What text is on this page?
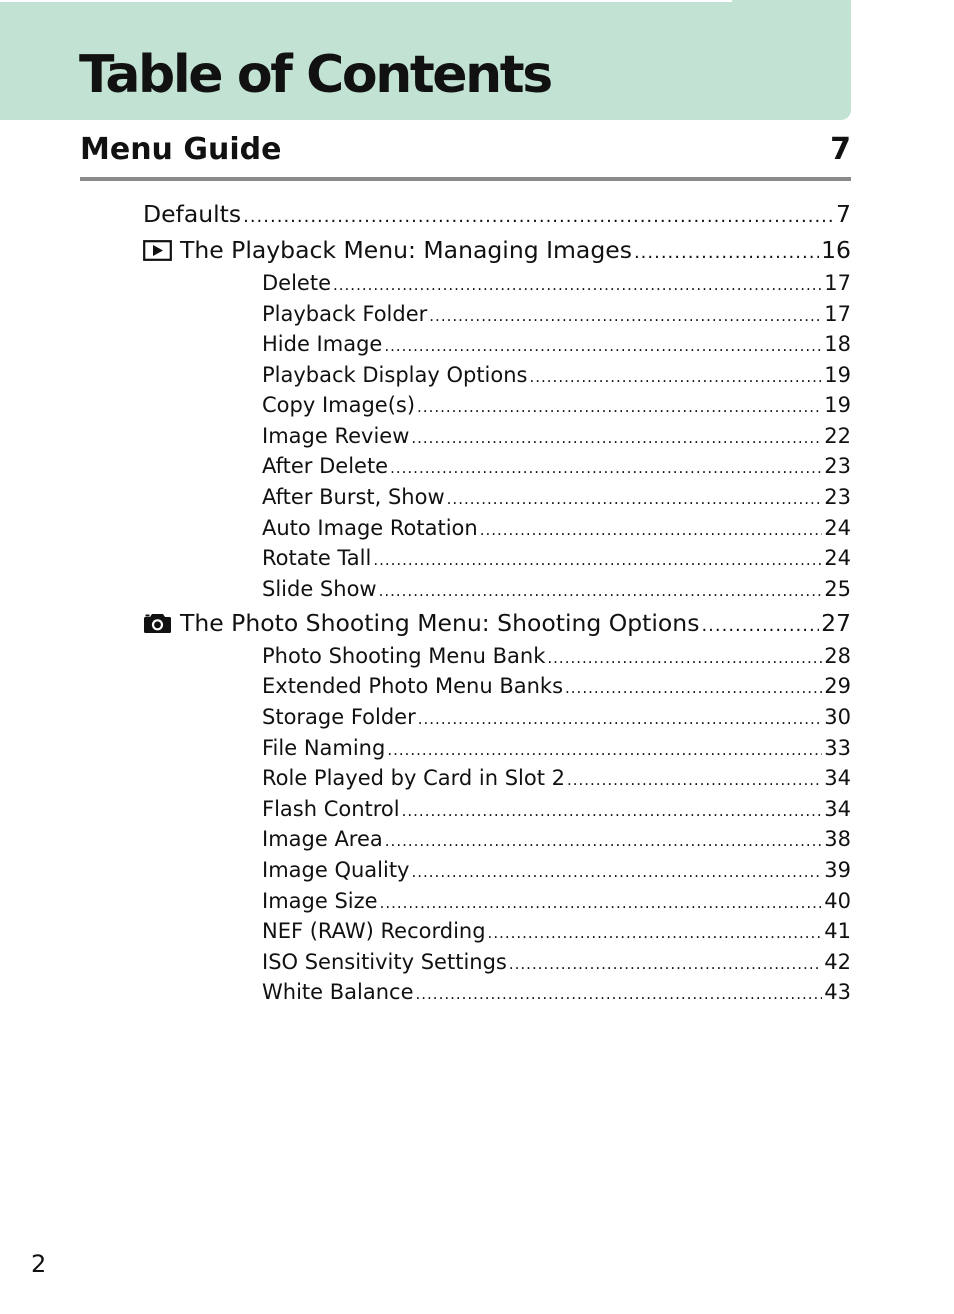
Table of Contents
Menu Guide	7
Defaults .....	7
The Playback Menu: Managing Images .....	16
Delete .....	17
Playback Folder .....	17
Hide Image .....	18
Playback Display Options .....	19
Copy Image(s) .....	19
Image Review .....	22
After Delete .....	23
After Burst, Show .....	23
Auto Image Rotation .....	24
Rotate Tall .....	24
Slide Show .....	25
The Photo Shooting Menu: Shooting Options .....	27
Photo Shooting Menu Bank .....	28
Extended Photo Menu Banks .....	29
Storage Folder .....	30
File Naming .....	33
Role Played by Card in Slot 2 .....	34
Flash Control .....	34
Image Area .....	38
Image Quality .....	39
Image Size .....	40
NEF (RAW) Recording .....	41
ISO Sensitivity Settings .....	42
White Balance .....	43
2
